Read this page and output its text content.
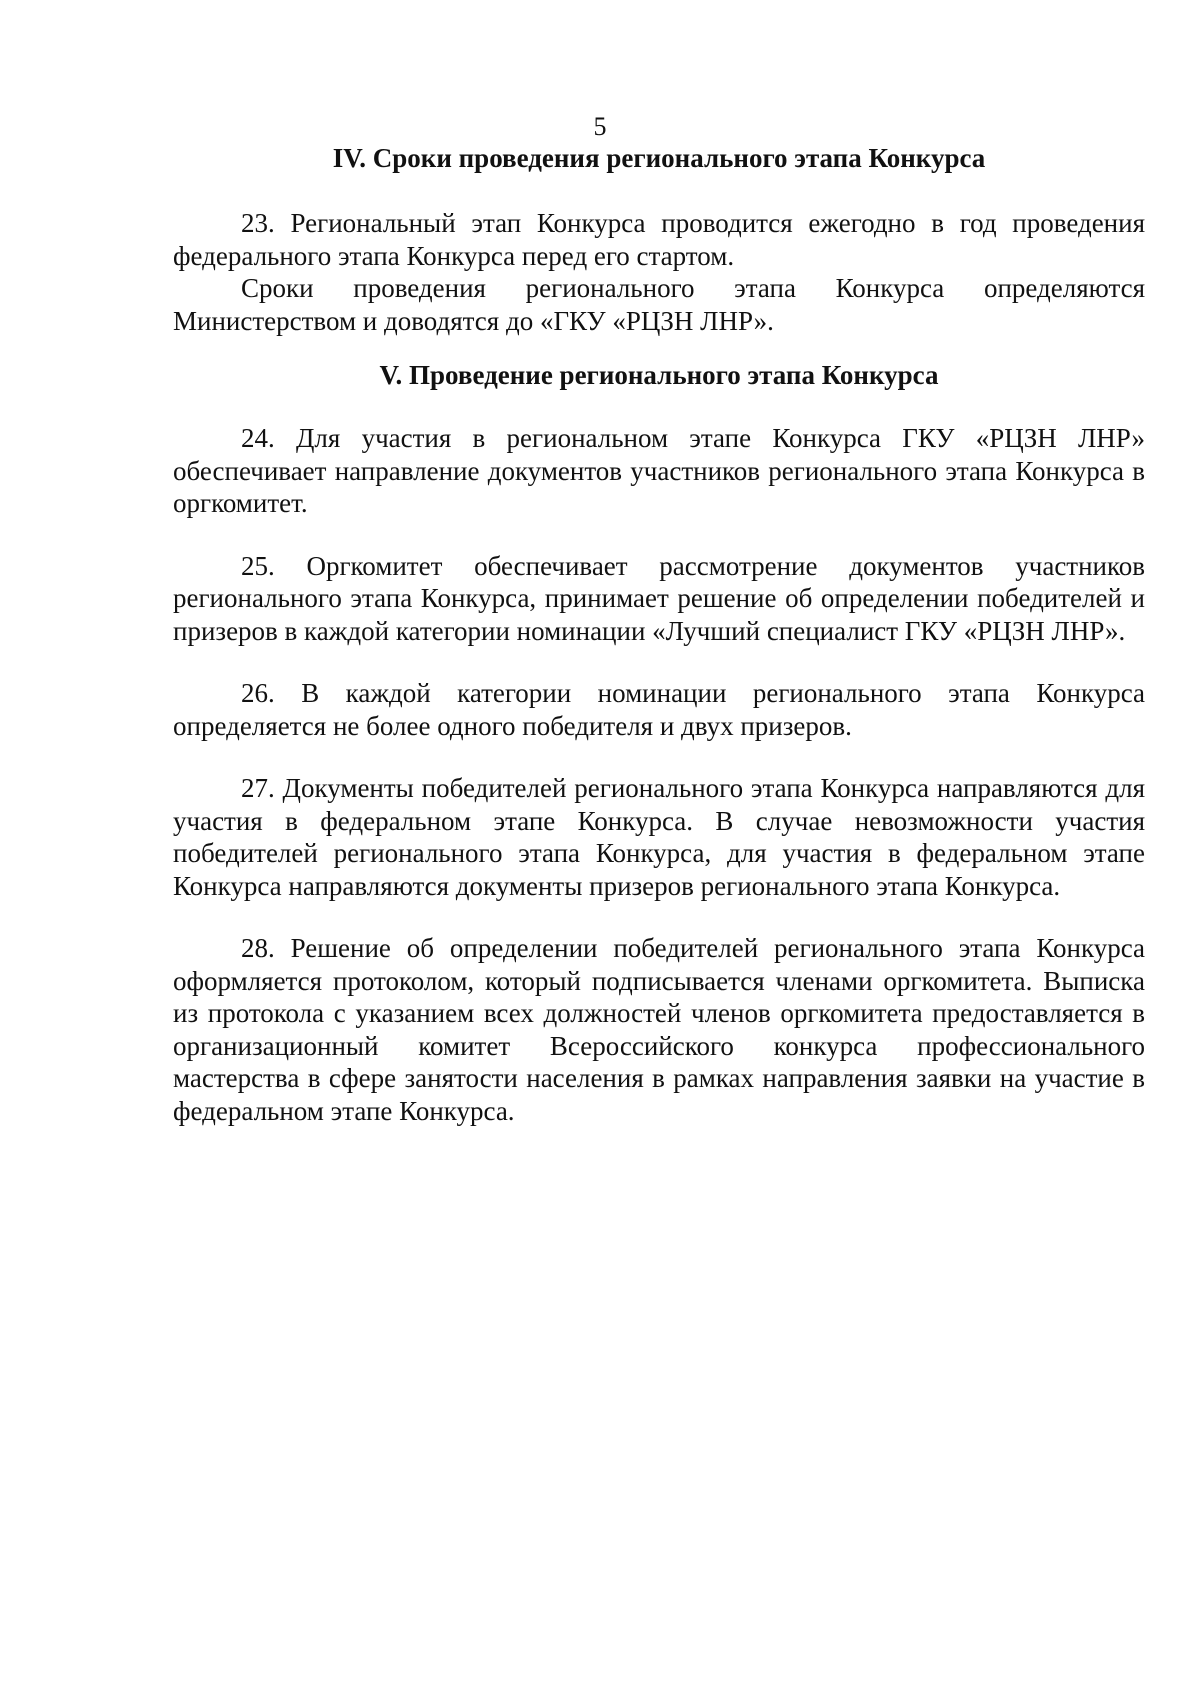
5
IV. Сроки проведения регионального этапа Конкурса

23. Региональный этап Конкурса проводится ежегодно в год проведения федерального этапа Конкурса перед его стартом.

Сроки проведения регионального этапа Конкурса определяются Министерством и доводятся до «ГКУ «РЦЗН ЛНР».

V. Проведение регионального этапа Конкурса

24. Для участия в региональном этапе Конкурса ГКУ «РЦЗН ЛНР» обеспечивает направление документов участников регионального этапа Конкурса в оргкомитет.

25. Оргкомитет обеспечивает рассмотрение документов участников регионального этапа Конкурса, принимает решение об определении победителей и призеров в каждой категории номинации «Лучший специалист ГКУ «РЦЗН ЛНР».

26. В каждой категории номинации регионального этапа Конкурса определяется не более одного победителя и двух призеров.

27. Документы победителей регионального этапа Конкурса направляются для участия в федеральном этапе Конкурса. В случае невозможности участия победителей регионального этапа Конкурса, для участия в федеральном этапе Конкурса направляются документы призеров регионального этапа Конкурса.

28. Решение об определении победителей регионального этапа Конкурса оформляется протоколом, который подписывается членами оргкомитета. Выписка из протокола с указанием всех должностей членов оргкомитета предоставляется в организационный комитет Всероссийского конкурса профессионального мастерства в сфере занятости населения в рамках направления заявки на участие в федеральном этапе Конкурса.
